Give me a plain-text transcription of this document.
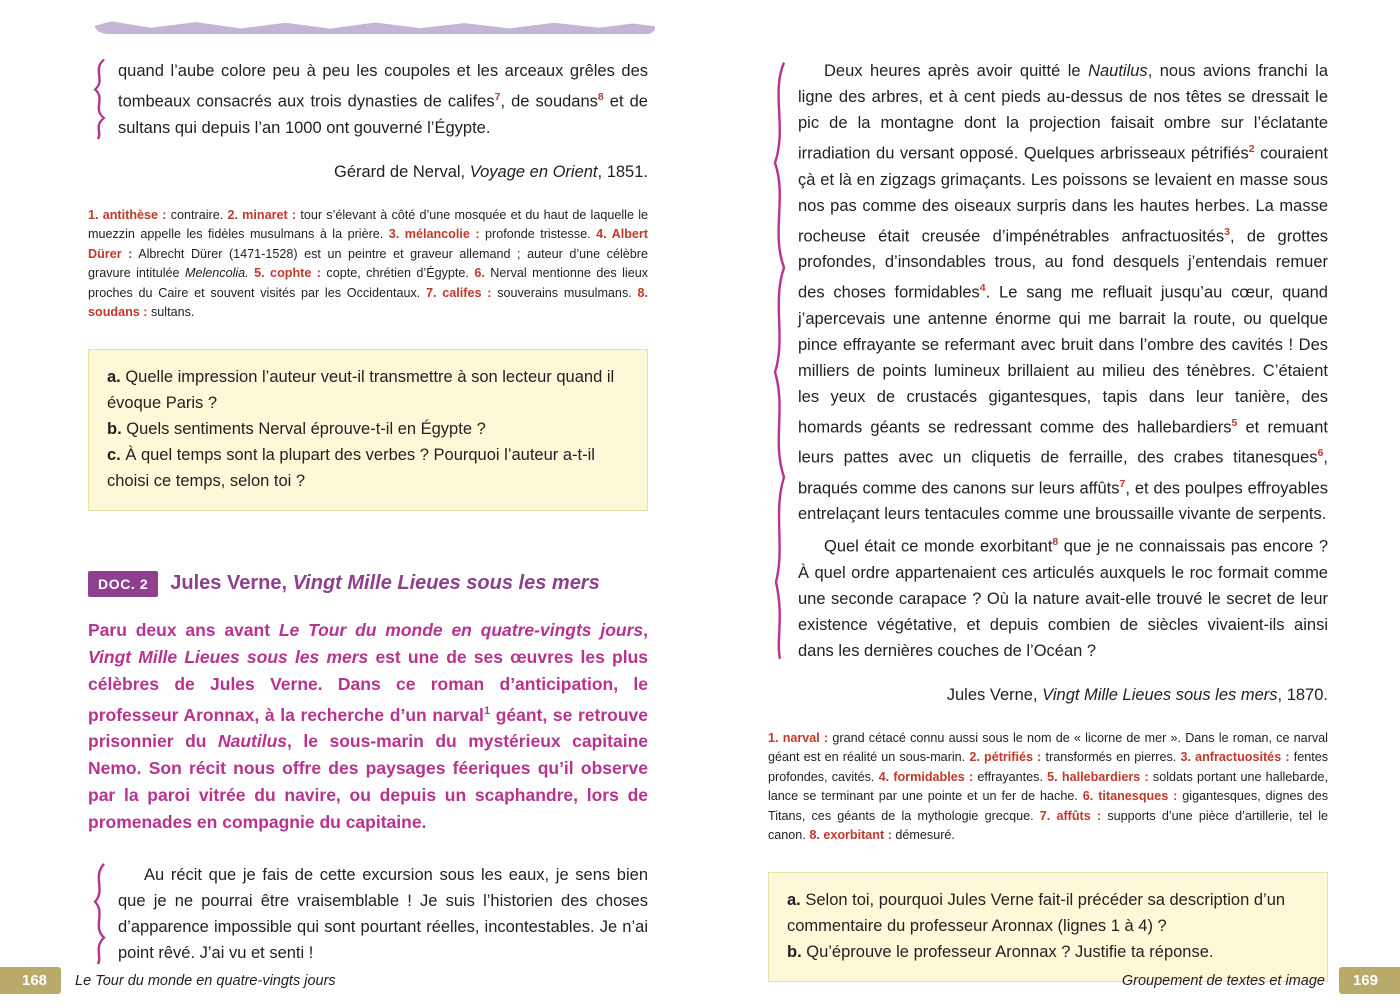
quand l’aube colore peu à peu les coupoles et les arceaux grêles des tombeaux consacrés aux trois dynasties de califes$^7$, de soudans$^8$ et de sultans qui depuis l’an 1000 ont gouverné l’Égypte.

Gérard de Nerval, Voyage en Orient, 1851.
1. antithèse : contraire. 2. minaret : tour s’élevant à côté d’une mosquée et du haut de laquelle le muezzin appelle les fidèles musulmans à la prière. 3. mélancolie : profonde tristesse. 4. Albert Dürer : Albrecht Dürer (1471-1528) est un peintre et graveur allemand ; auteur d’une célèbre gravure intitulée Melencolia. 5. cophte : copte, chrétien d’Égypte. 6. Nerval mentionne des lieux proches du Caire et souvent visités par les Occidentaux. 7. califes : souverains musulmans. 8. soudans : sultans.
a. Quelle impression l’auteur veut-il transmettre à son lecteur quand il évoque Paris ?
b. Quels sentiments Nerval éprouve-t-il en Égypte ?
c. À quel temps sont la plupart des verbes ? Pourquoi l’auteur a-t-il choisi ce temps, selon toi ?
DOC. 2	Jules Verne, Vingt Mille Lieues sous les mers
Paru deux ans avant Le Tour du monde en quatre-vingts jours, Vingt Mille Lieues sous les mers est une de ses œuvres les plus célèbres de Jules Verne. Dans ce roman d’anticipation, le professeur Aronnax, à la recherche d’un narval$^1$ géant, se retrouve prisonnier du Nautilus, le sous-marin du mystérieux capitaine Nemo. Son récit nous offre des paysages féeriques qu’il observe par la paroi vitrée du navire, ou depuis un scaphandre, lors de promenades en compagnie du capitaine.

Au récit que je fais de cette excursion sous les eaux, je sens bien que je ne pourrai être vraisemblable ! Je suis l’historien des choses d’apparence impossible qui sont pourtant réelles, incontestables. Je n’ai point rêvé. J’ai vu et senti !

Deux heures après avoir quitté le Nautilus, nous avions franchi la ligne des arbres, et à cent pieds au-dessus de nos têtes se dressait le pic de la montagne dont la projection faisait ombre sur l’éclatante irradiation du versant opposé. Quelques arbrisseaux pétrifiés$^2$ couraient çà et là en zigzags grimaçants. Les poissons se levaient en masse sous nos pas comme des oiseaux surpris dans les hautes herbes. La masse rocheuse était creusée d’impénétrables anfractuosités$^3$, de grottes profondes, d’insondables trous, au fond desquels j’entendais remuer des choses formidables$^4$. Le sang me refluait jusqu’au cœur, quand j’apercevais une antenne énorme qui me barrait la route, ou quelque pince effrayante se refermant avec bruit dans l’ombre des cavités ! Des milliers de points lumineux brillaient au milieu des ténèbres. C’étaient les yeux de crustacés gigantesques, tapis dans leur tanière, des homards géants se redressant comme des hallebardiers$^5$ et remuant leurs pattes avec un cliquetis de ferraille, des crabes titanesques$^6$, braqués comme des canons sur leurs affûts$^7$, et des poulpes effroyables entrelaçant leurs tentacules comme une broussaille vivante de serpents.

Quel était ce monde exorbitant$^8$ que je ne connaissais pas encore ? À quel ordre appartenaient ces articulés auxquels le roc formait comme une seconde carapace ? Où la nature avait-elle trouvé le secret de leur existence végétative, et depuis combien de siècles vivaient-ils ainsi dans les dernières couches de l’Océan ?

Jules Verne, Vingt Mille Lieues sous les mers, 1870.
1. narval : grand cétacé connu aussi sous le nom de « licorne de mer ». Dans le roman, ce narval géant est en réalité un sous-marin. 2. pétrifiés : transformés en pierres. 3. anfractuosités : fentes profondes, cavités. 4. formidables : effrayantes. 5. hallebardiers : soldats portant une hallebarde, lance se terminant par une pointe et un fer de hache. 6. titanesques : gigantesques, dignes des Titans, ces géants de la mythologie grecque. 7. affûts : supports d’une pièce d’artillerie, tel le canon. 8. exorbitant : démesuré.
a. Selon toi, pourquoi Jules Verne fait-il précéder sa description d’un commentaire du professeur Aronnax (lignes 1 à 4) ?
b. Qu’éprouve le professeur Aronnax ? Justifie ta réponse.
168	Le Tour du monde en quatre-vingts jours	Groupement de textes et image	169
